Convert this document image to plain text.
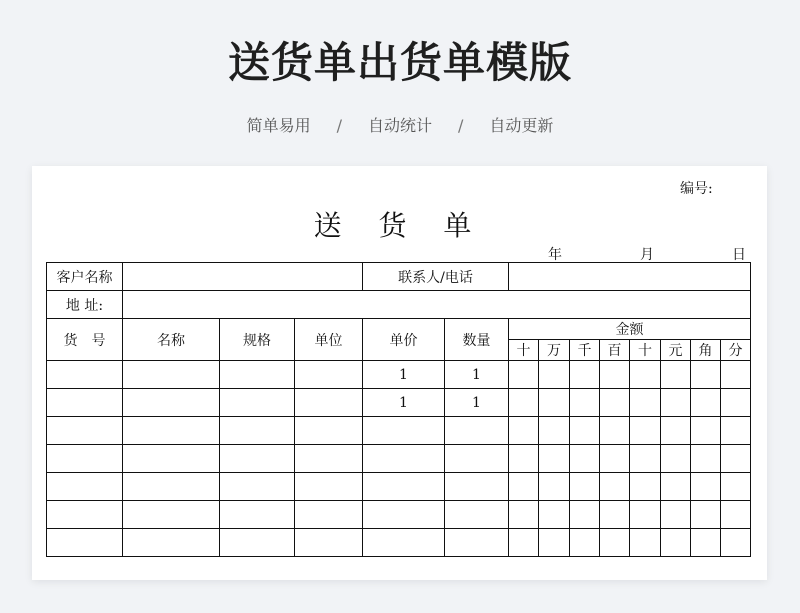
送货单出货单模版
简单易用 / 自动统计 / 自动更新
编号:
送 货 单
年	月	日
客户名称				联系人/电话									
地 址:													
货　号	名称	规格	单位	单价	数量	金额							
						十	万	千	百	十	元	角	分
				1	1								
				1	1								
